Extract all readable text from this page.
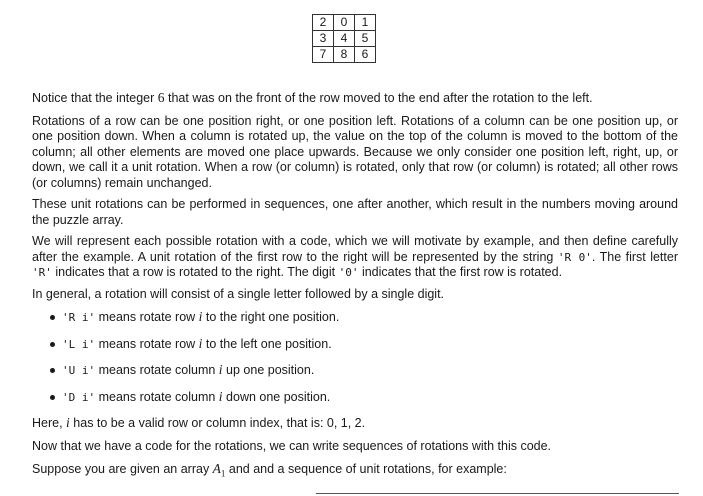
2	0	1
3	4	5
7	8	6

Notice that the integer 6 that was on the front of the row moved to the end after the rotation to the left.

Rotations of a row can be one position right, or one position left. Rotations of a column can be one position up, or one position down. When a column is rotated up, the value on the top of the column is moved to the bottom of the column; all other elements are moved one place upwards. Because we only consider one position left, right, up, or down, we call it a unit rotation. When a row (or column) is rotated, only that row (or column) is rotated; all other rows (or columns) remain unchanged.

These unit rotations can be performed in sequences, one after another, which result in the numbers moving around the puzzle array.

We will represent each possible rotation with a code, which we will motivate by example, and then define carefully after the example. A unit rotation of the first row to the right will be represented by the string 'R 0'. The first letter 'R' indicates that a row is rotated to the right. The digit '0' indicates that the first row is rotated.

In general, a rotation will consist of a single letter followed by a single digit.

'R i' means rotate row i to the right one position.
'L i' means rotate row i to the left one position.
'U i' means rotate column i up one position.
'D i' means rotate column i down one position.

Here, i has to be a valid row or column index, that is: 0, 1, 2.

Now that we have a code for the rotations, we can write sequences of rotations with this code.

Suppose you are given an array $A_1$ and and a sequence of unit rotations, for example:
